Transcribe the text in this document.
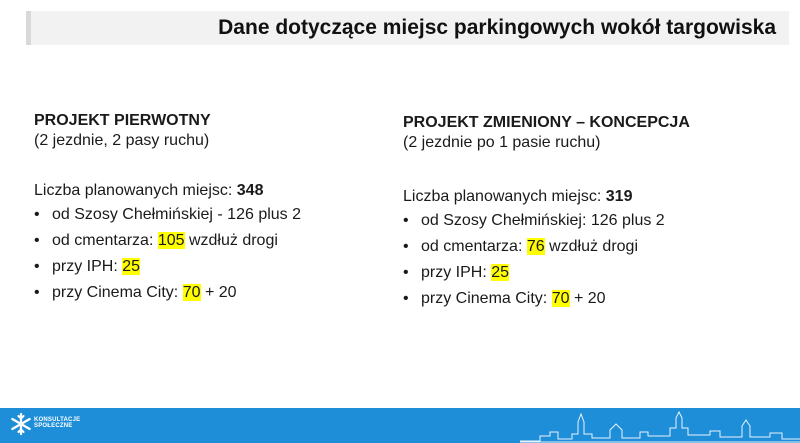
Dane dotyczące miejsc parkingowych wokół targowiska
PROJEKT PIERWOTNY
(2 jezdnie, 2 pasy ruchu)
Liczba planowanych miejsc: 348
• od Szosy Chełmińskiej - 126 plus 2
• od cmentarza: 105 wzdłuż drogi
• przy IPH: 25
• przy Cinema City: 70 + 20
PROJEKT ZMIENIONY – KONCEPCJA
(2 jezdnie po 1 pasie ruchu)
Liczba planowanych miejsc: 319
• od Szosy Chełmińskiej: 126 plus 2
• od cmentarza: 76 wzdłuż drogi
• przy IPH: 25
• przy Cinema City: 70 + 20
KONSULTACJE
SPOŁECZNE
